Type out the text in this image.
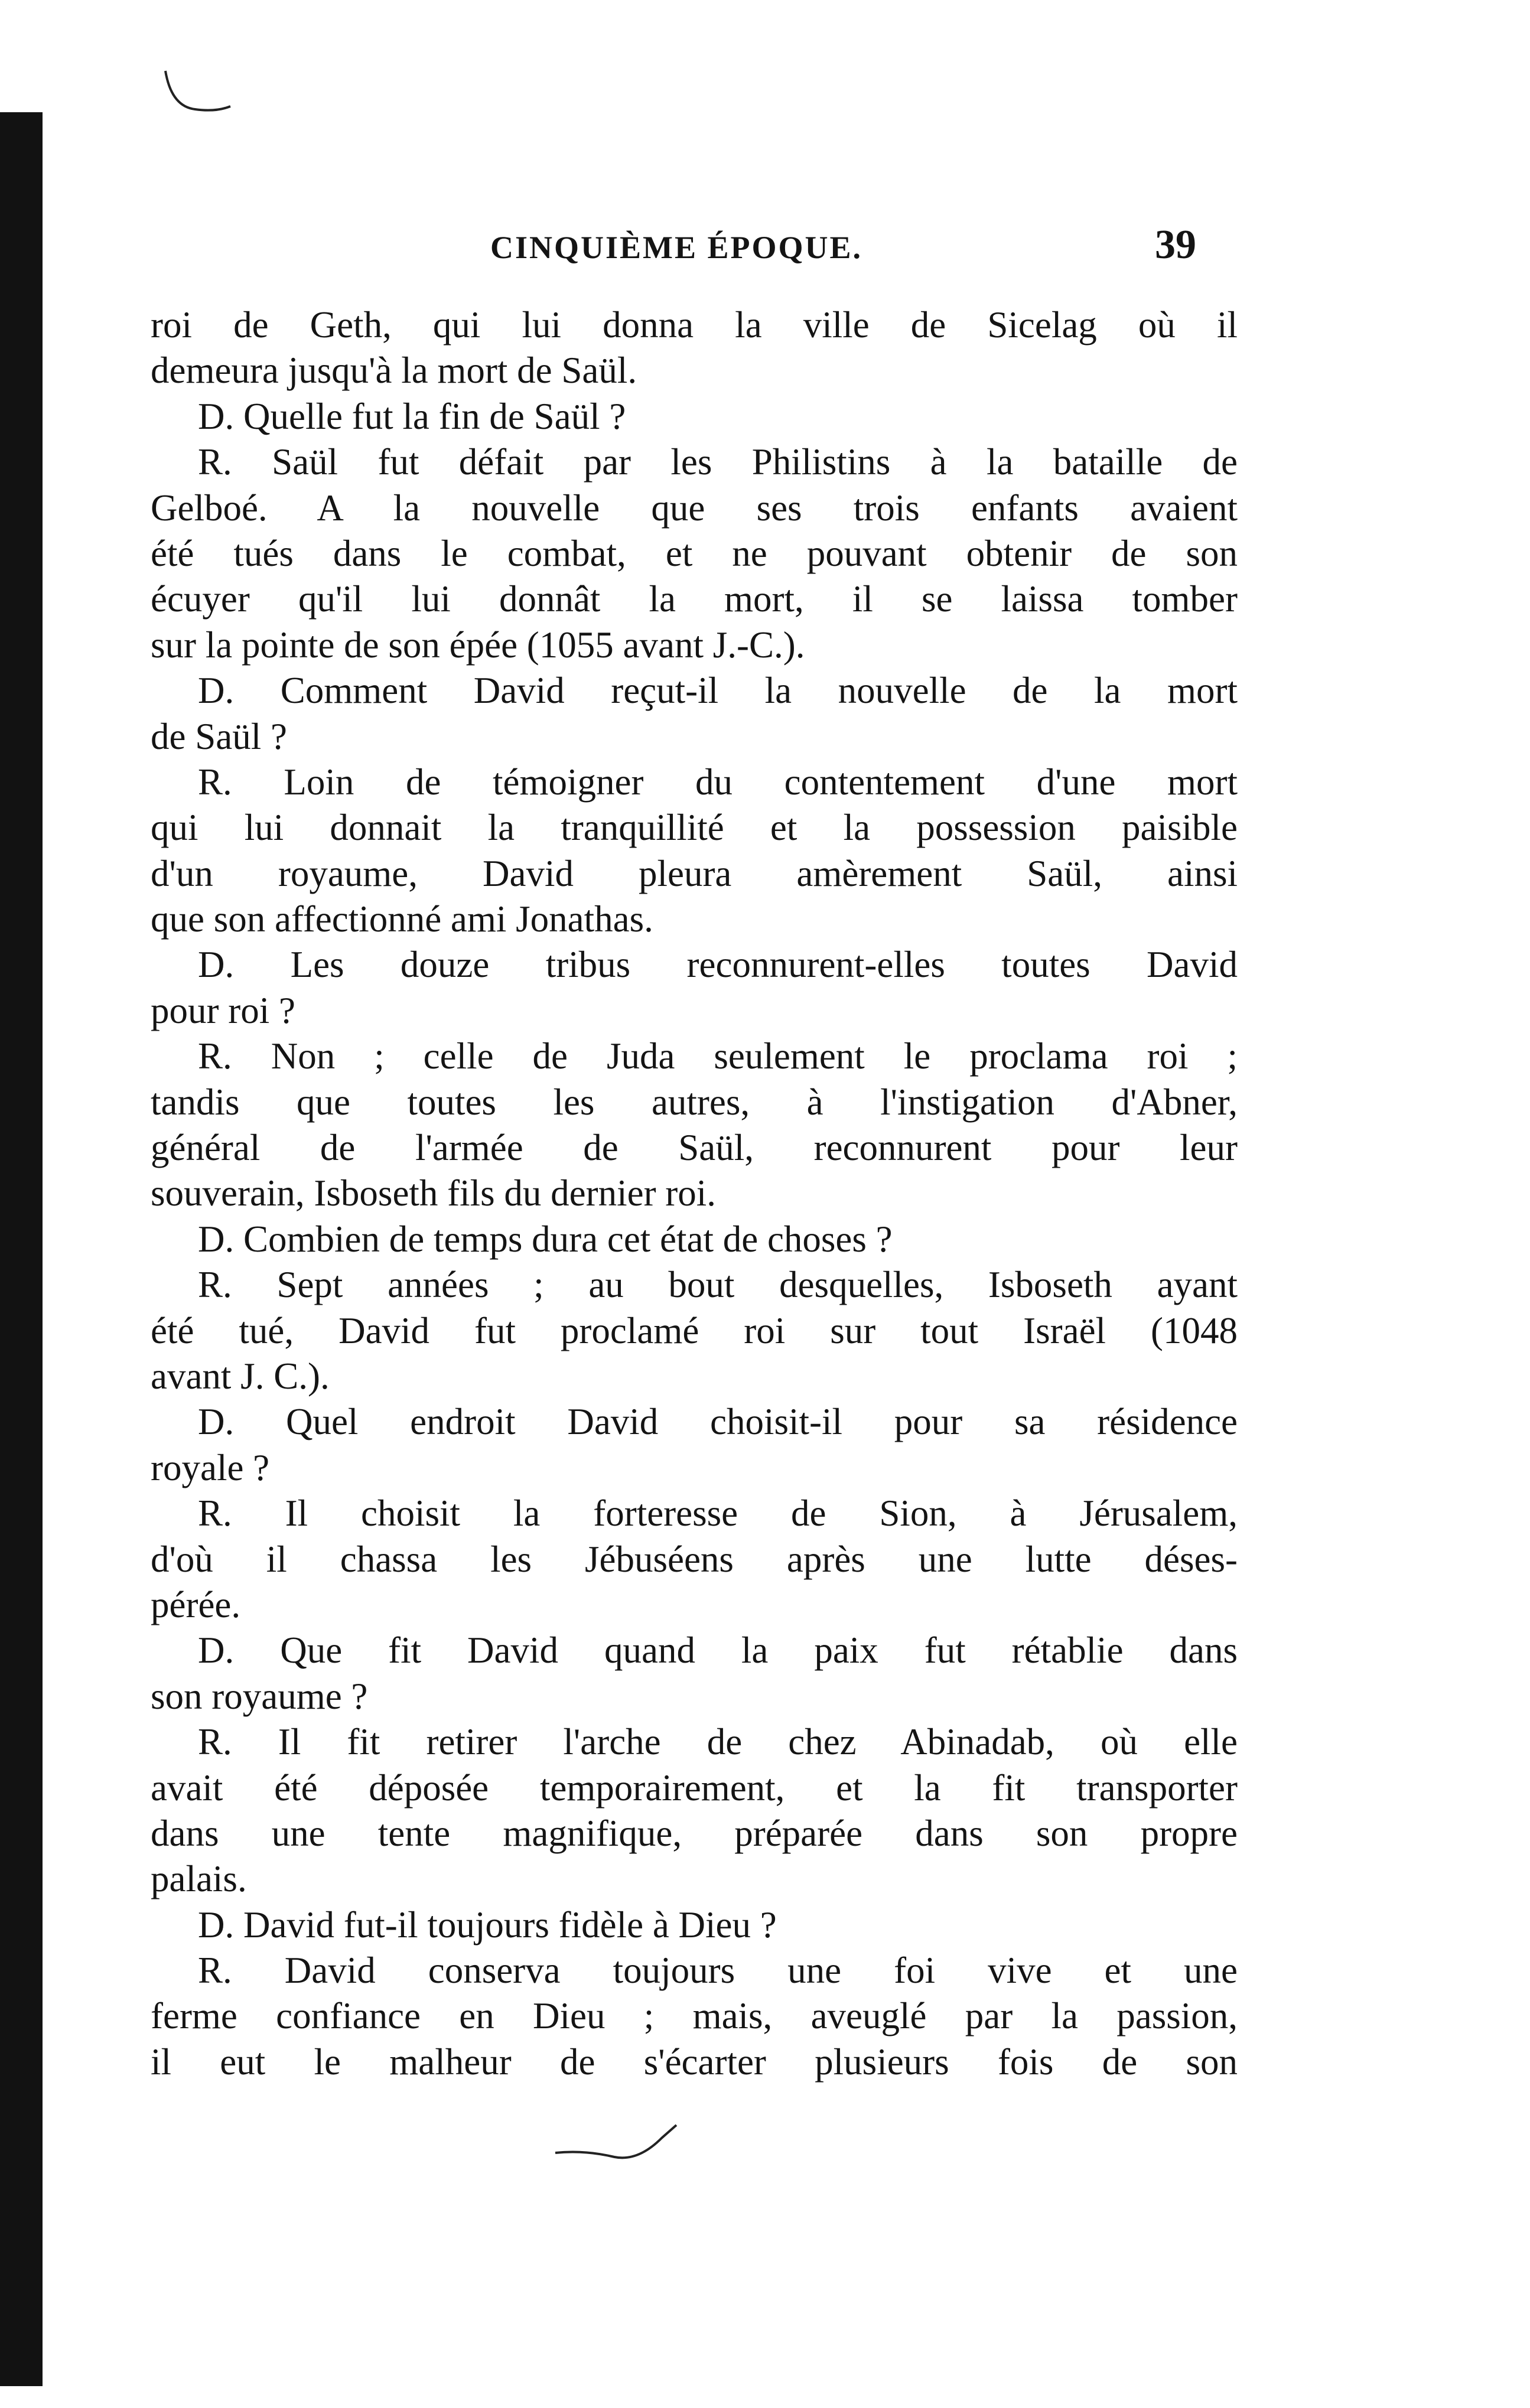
CINQUIÈME ÉPOQUE.	39
roi de Geth, qui lui donna la ville de Sicelag où il
demeura jusqu'à la mort de Saül.
D. Quelle fut la fin de Saül ?
R. Saül fut défait par les Philistins à la bataille de
Gelboé. A la nouvelle que ses trois enfants avaient
été tués dans le combat, et ne pouvant obtenir de son
écuyer qu'il lui donnât la mort, il se laissa tomber
sur la pointe de son épée (1055 avant J.-C.).
D. Comment David reçut-il la nouvelle de la mort
de Saül ?
R. Loin de témoigner du contentement d'une mort
qui lui donnait la tranquillité et la possession paisible
d'un royaume, David pleura amèrement Saül, ainsi
que son affectionné ami Jonathas.
D. Les douze tribus reconnurent-elles toutes David
pour roi ?
R. Non ; celle de Juda seulement le proclama roi ;
tandis que toutes les autres, à l'instigation d'Abner,
général de l'armée de Saül, reconnurent pour leur
souverain, Isboseth fils du dernier roi.
D. Combien de temps dura cet état de choses ?
R. Sept années ; au bout desquelles, Isboseth ayant
été tué, David fut proclamé roi sur tout Israël (1048
avant J. C.).
D. Quel endroit David choisit-il pour sa résidence
royale ?
R. Il choisit la forteresse de Sion, à Jérusalem,
d'où il chassa les Jébuséens après une lutte déses-
pérée.
D. Que fit David quand la paix fut rétablie dans
son royaume ?
R. Il fit retirer l'arche de chez Abinadab, où elle
avait été déposée temporairement, et la fit transporter
dans une tente magnifique, préparée dans son propre
palais.
D. David fut-il toujours fidèle à Dieu ?
R. David conserva toujours une foi vive et une
ferme confiance en Dieu ; mais, aveuglé par la passion,
il eut le malheur de s'écarter plusieurs fois de son
